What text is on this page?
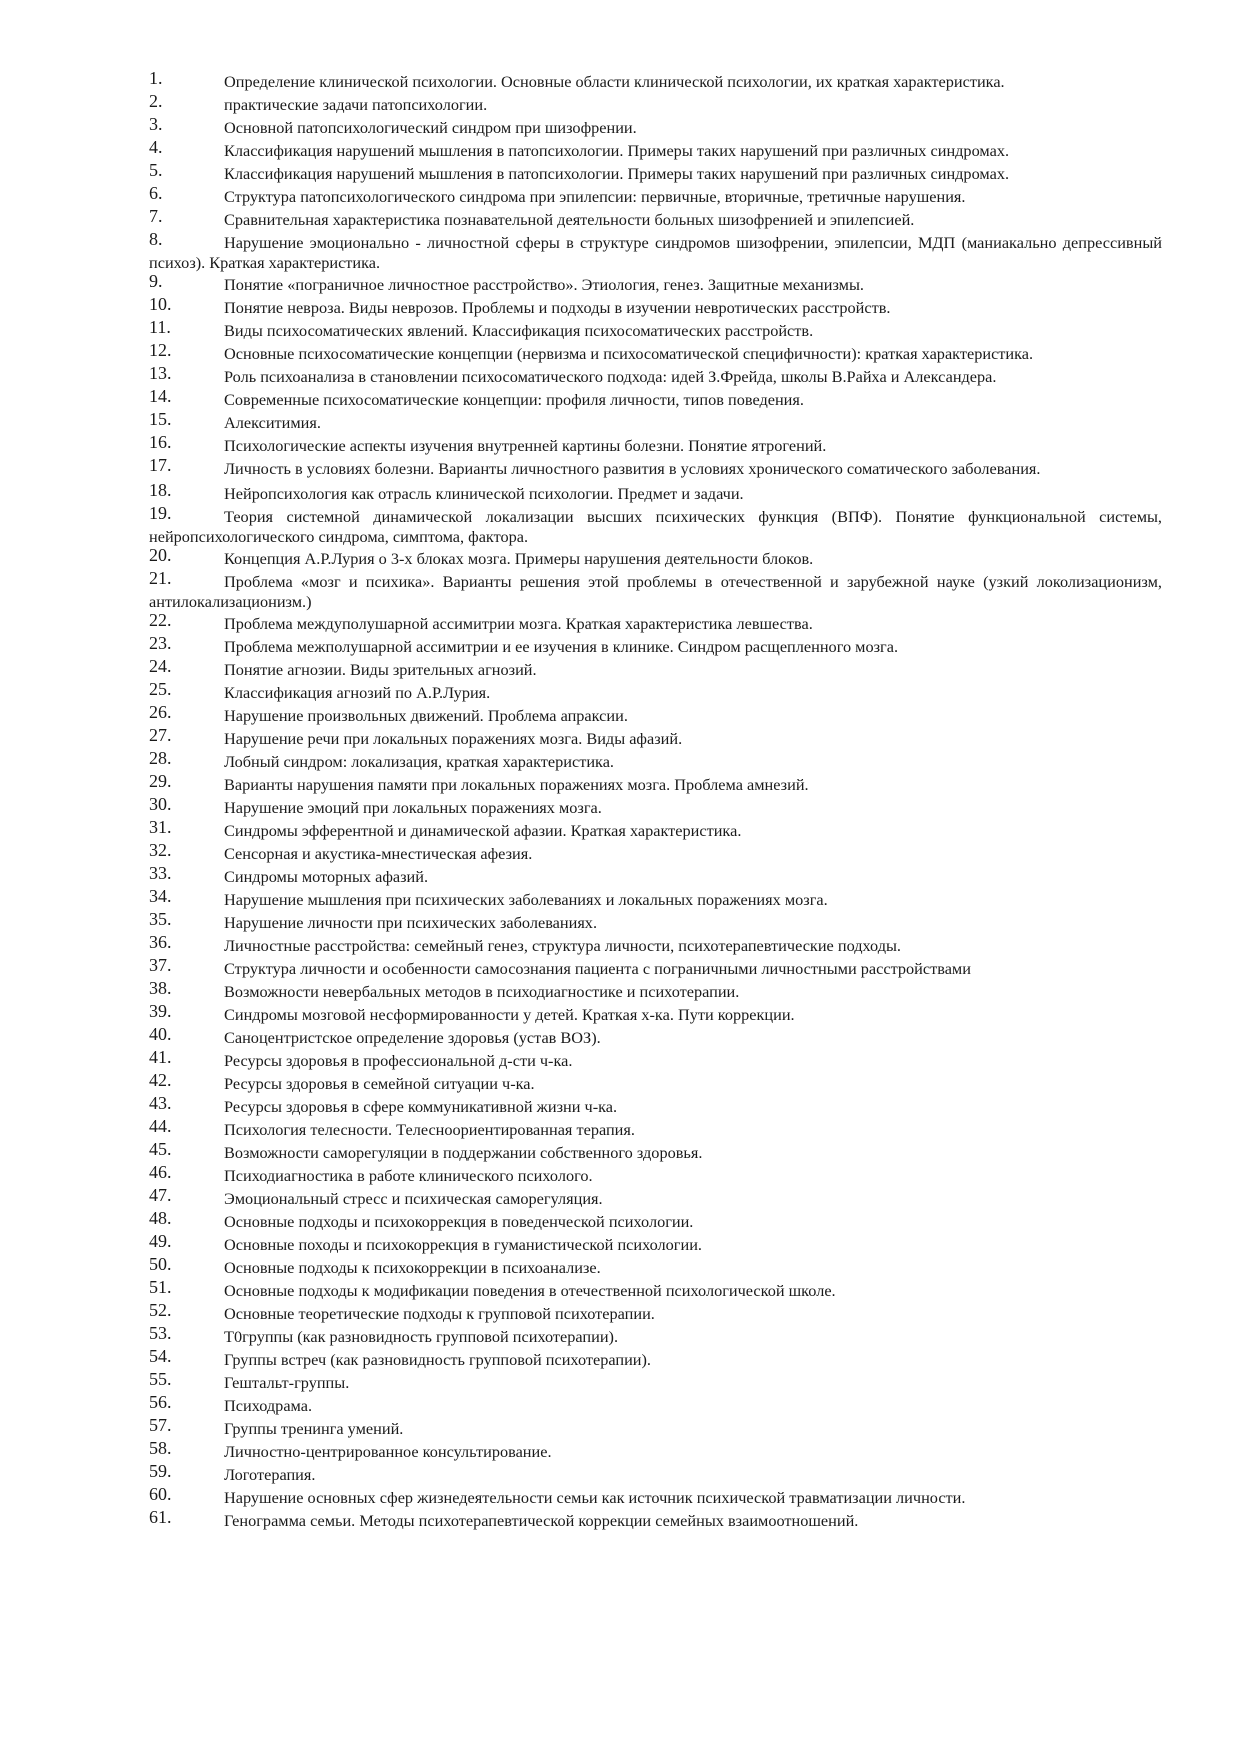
1.	Определение клинической психологии. Основные области клинической психологии, их краткая характеристика.
2.	практические задачи патопсихологии.
3.	Основной патопсихологический синдром при шизофрении.
4.	Классификация нарушений мышления в патопсихологии. Примеры таких нарушений при различных синдромах.
5.	Классификация нарушений мышления в патопсихологии. Примеры таких нарушений при различных синдромах.
6.	Структура патопсихологического синдрома при эпилепсии: первичные, вторичные, третичные нарушения.
7.	Сравнительная характеристика познавательной деятельности больных шизофренией и эпилепсией.
8.	Нарушение эмоционально - личностной сферы в структуре синдромов шизофрении, эпилепсии, МДП (маниакально депрессивный психоз). Краткая характеристика.
9.	Понятие «пограничное личностное расстройство». Этиология, генез. Защитные механизмы.
10.	Понятие невроза. Виды неврозов. Проблемы и подходы в изучении невротических расстройств.
11.	Виды психосоматических явлений. Классификация психосоматических расстройств.
12.	Основные психосоматические концепции (нервизма и психосоматической специфичности): краткая характеристика.
13.	Роль психоанализа в становлении психосоматического подхода: идей З.Фрейда, школы В.Райха и Александера.
14.	Современные психосоматические концепции: профиля личности, типов поведения.
15.	Алекситимия.
16.	Психологические аспекты изучения внутренней картины болезни. Понятие ятрогений.
17.	Личность в условиях болезни. Варианты личностного развития в условиях хронического соматического заболевания.
18.	Нейропсихология как отрасль клинической психологии. Предмет и задачи.
19.	Теория системной динамической локализации высших психических функция (ВПФ). Понятие функциональной системы, нейропсихологического синдрома, симптома, фактора.
20.	Концепция А.Р.Лурия о 3-х блоках мозга. Примеры нарушения деятельности блоков.
21.	Проблема «мозг и психика». Варианты решения этой проблемы в отечественной и зарубежной науке (узкий локолизационизм, антилокализационизм.)
22.	Проблема междуполушарной ассимитрии мозга. Краткая характеристика левшества.
23.	Проблема межполушарной ассимитрии и ее изучения в клинике. Синдром расщепленного мозга.
24.	Понятие агнозии. Виды зрительных агнозий.
25.	Классификация агнозий по А.Р.Лурия.
26.	Нарушение произвольных движений. Проблема апраксии.
27.	Нарушение речи при локальных поражениях мозга. Виды афазий.
28.	Лобный синдром: локализация, краткая характеристика.
29.	Варианты нарушения памяти при локальных поражениях мозга. Проблема амнезий.
30.	Нарушение эмоций при локальных поражениях мозга.
31.	Синдромы эфферентной и динамической афазии. Краткая характеристика.
32.	Сенсорная и акустика-мнестическая афезия.
33.	Синдромы моторных афазий.
34.	Нарушение мышления при психических заболеваниях и локальных поражениях мозга.
35.	Нарушение личности при психических заболеваниях.
36.	Личностные расстройства: семейный генез, структура личности, психотерапевтические подходы.
37.	Структура личности и особенности самосознания пациента с пограничными личностными расстройствами
38.	Возможности невербальных методов в психодиагностике и психотерапии.
39.	Синдромы мозговой несформированности у детей. Краткая х-ка. Пути коррекции.
40.	Саноцентристское определение здоровья (устав ВОЗ).
41.	Ресурсы здоровья в профессиональной д-сти ч-ка.
42.	Ресурсы здоровья в семейной ситуации ч-ка.
43.	Ресурсы здоровья в сфере коммуникативной жизни ч-ка.
44.	Психология телесности. Телесноориентированная терапия.
45.	Возможности саморегуляции в поддержании собственного здоровья.
46.	Психодиагностика в работе клинического психолого.
47.	Эмоциональный стресс и психическая саморегуляция.
48.	Основные подходы и психокоррекция в поведенческой психологии.
49.	Основные походы и психокоррекция в гуманистической психологии.
50.	Основные подходы к психокоррекции в психоанализе.
51.	Основные подходы к модификации поведения в отечественной психологической школе.
52.	Основные теоретические подходы к групповой психотерапии.
53.	Т0группы (как разновидность групповой психотерапии).
54.	Группы встреч (как разновидность групповой психотерапии).
55.	Гештальт-группы.
56.	Психодрама.
57.	Группы тренинга умений.
58.	Личностно-центрированное консультирование.
59.	Логотерапия.
60.	Нарушение основных сфер жизнедеятельности семьи как источник психической травматизации личности.
61.	Генограмма семьи. Методы психотерапевтической коррекции семейных взаимоотношений.
